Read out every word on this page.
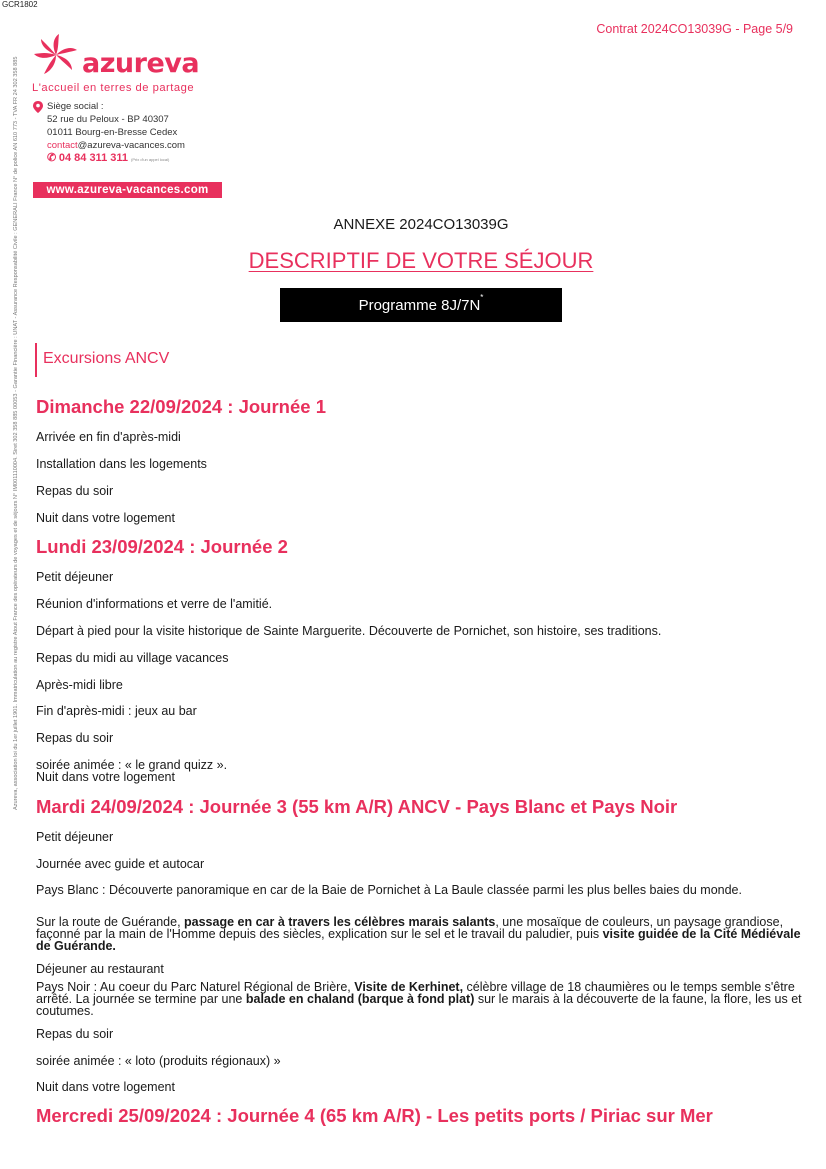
GCR1802
Contrat 2024CO13039G - Page 5/9
azureva
L'accueil en terres de partage
Siège social :
52 rue du Peloux - BP 40307
01011 Bourg-en-Bresse Cedex
contact@azureva-vacances.com
✆ 04 84 311 311 (Prix d'un appel local)
www.azureva-vacances.com
Azureva, association loi du 1er juillet 1901. Immatriculation au registre Atout France des opérateurs de voyages et de séjours N° IM001110004. Siret 302 358 885 00053 - Garantie Financière : UNAT - Assurance Responsabilité Civile : GENERALI France N° de police AN 610 773 - TVA FR 24 302 358 885	ANNEXE 2024CO13039G
DESCRIPTIF DE VOTRE SÉJOUR
Programme 8J/7N*
Excursions ANCV
Dimanche 22/09/2024 : Journée 1
Arrivée en fin d'après-midi
Installation dans les logements
Repas du soir
Nuit dans votre logement
Lundi 23/09/2024 : Journée 2
Petit déjeuner
Réunion d'informations et verre de l'amitié.
Départ à pied pour la visite historique de Sainte Marguerite. Découverte de Pornichet, son histoire, ses traditions.
Repas du midi au village vacances
Après-midi libre
Fin d'après-midi : jeux au bar
Repas du soir
soirée animée : « le grand quizz ».
Nuit dans votre logement
Mardi 24/09/2024 : Journée 3 (55 km A/R) ANCV - Pays Blanc et Pays Noir
Petit déjeuner
Journée avec guide et autocar
Pays Blanc : Découverte panoramique en car de la Baie de Pornichet à La Baule classée parmi les plus belles baies du monde.
Sur la route de Guérande, passage en car à travers les célèbres marais salants, une mosaïque de couleurs, un paysage grandiose, façonné par la main de l'Homme depuis des siècles, explication sur le sel et le travail du paludier, puis visite guidée de la Cité Médiévale de Guérande.
Déjeuner au restaurant
Pays Noir : Au coeur du Parc Naturel Régional de Brière, Visite de Kerhinet, célèbre village de 18 chaumières ou le temps semble s'être arrêté. La journée se termine par une balade en chaland (barque à fond plat) sur le marais à la découverte de la faune, la flore, les us et coutumes.
Repas du soir
soirée animée : « loto (produits régionaux) »
Nuit dans votre logement
Mercredi 25/09/2024 : Journée 4 (65 km A/R) - Les petits ports / Piriac sur Mer
